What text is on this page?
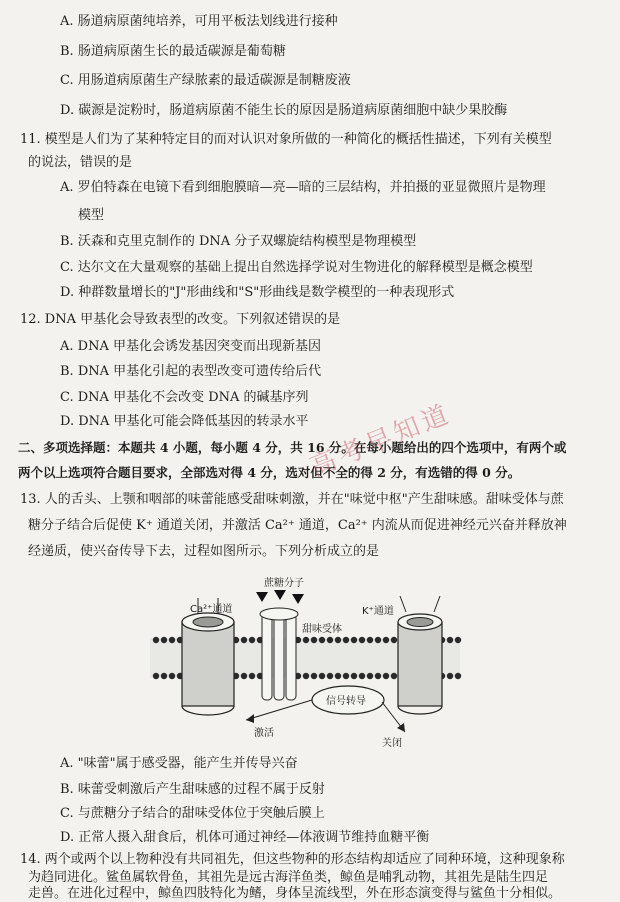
A. 肠道病原菌纯培养，可用平板法划线进行接种
B. 肠道病原菌生长的最适碳源是葡萄糖
C. 用肠道病原菌生产绿脓素的最适碳源是制糖废液
D. 碳源是淀粉时，肠道病原菌不能生长的原因是肠道病原菌细胞中缺少果胶酶
11. 模型是人们为了某种特定目的而对认识对象所做的一种简化的概括性描述，下列有关模型
的说法，错误的是
A. 罗伯特森在电镜下看到细胞膜暗—亮—暗的三层结构，并拍摄的亚显微照片是物理
模型
B. 沃森和克里克制作的 DNA 分子双螺旋结构模型是物理模型
C. 达尔文在大量观察的基础上提出自然选择学说对生物进化的解释模型是概念模型
D. 种群数量增长的"J"形曲线和"S"形曲线是数学模型的一种表现形式
12. DNA 甲基化会导致表型的改变。下列叙述错误的是
A. DNA 甲基化会诱发基因突变而出现新基因
B. DNA 甲基化引起的表型改变可遗传给后代
C. DNA 甲基化不会改变 DNA 的碱基序列
D. DNA 甲基化可能会降低基因的转录水平
二、多项选择题：本题共 4 小题，每小题 4 分，共 16 分。在每小题给出的四个选项中，有两个或
两个以上选项符合题目要求，全部选对得 4 分，选对但不全的得 2 分，有选错的得 0 分。
13. 人的舌头、上颚和咽部的味蕾能感受甜味刺激，并在"味觉中枢"产生甜味感。甜味受体与蔗
糖分子结合后促使 K⁺ 通道关闭，并激活 Ca²⁺ 通道，Ca²⁺ 内流从而促进神经元兴奋并释放神
经递质，使兴奋传导下去，过程如图所示。下列分析成立的是
蔗糖分子
Ca²⁺通道
甜味受体
K⁺通道
信号转导
激活
关闭
A. "味蕾"属于感受器，能产生并传导兴奋
B. 味蕾受刺激后产生甜味感的过程不属于反射
C. 与蔗糖分子结合的甜味受体位于突触后膜上
D. 正常人摄入甜食后，机体可通过神经—体液调节维持血糖平衡
14. 两个或两个以上物种没有共同祖先，但这些物种的形态结构却适应了同种环境，这种现象称
为趋同进化。鲨鱼属软骨鱼，其祖先是远古海洋鱼类，鲸鱼是哺乳动物，其祖先是陆生四足
走兽。在进化过程中，鲸鱼四肢特化为鳍，身体呈流线型，外在形态演变得与鲨鱼十分相似。
高考早知道
